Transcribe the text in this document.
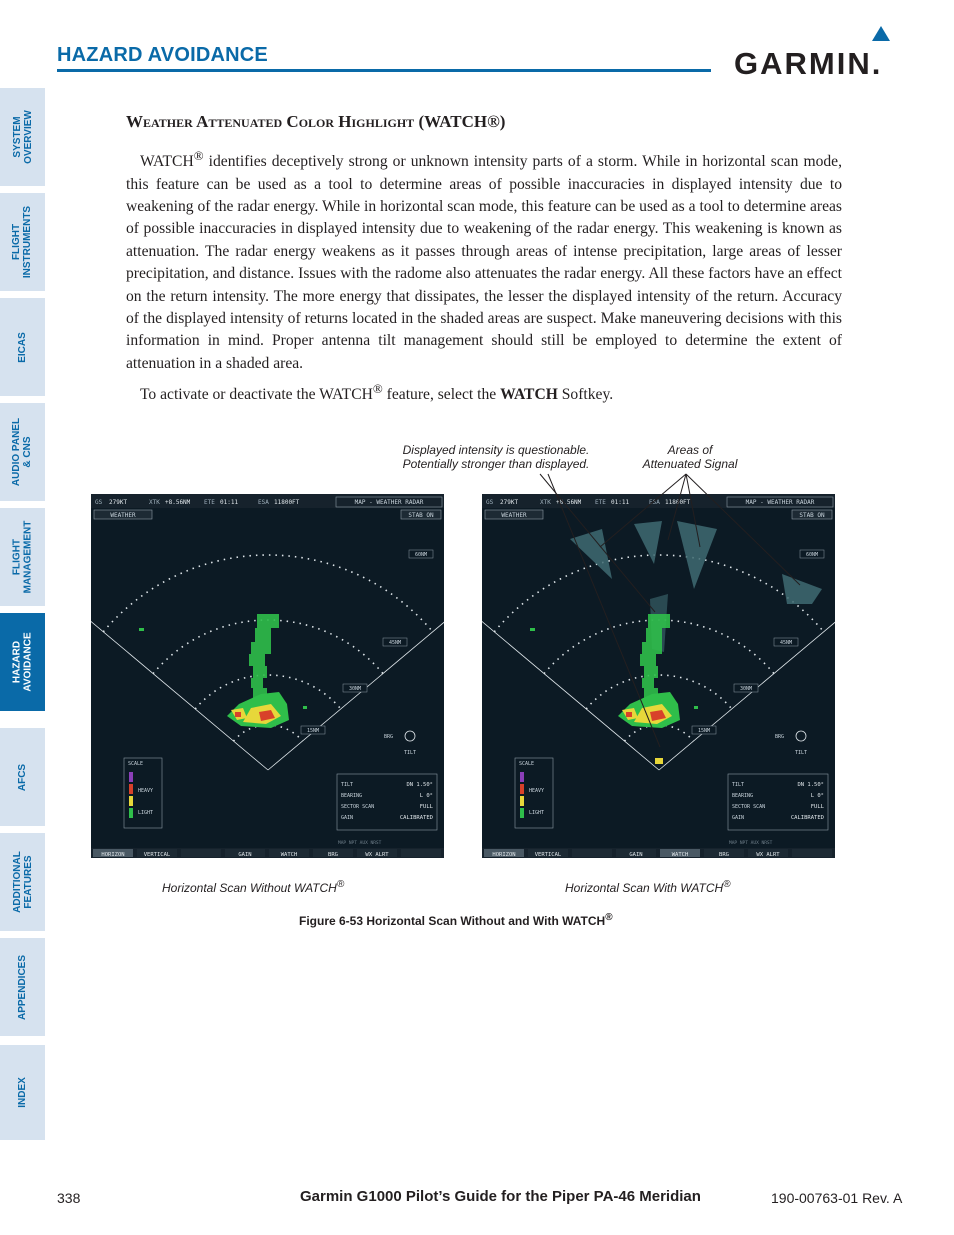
HAZARD AVOIDANCE	GARMIN.
SYSTEM
OVERVIEW
FLIGHT
INSTRUMENTS
EICAS
AUDIO PANEL
& CNS
FLIGHT
MANAGEMENT
HAZARD
AVOIDANCE
AFCS
ADDITIONAL
FEATURES
APPENDICES
INDEX
Weather Attenuated Color Highlight (WATCH®)

WATCH® identifies deceptively strong or unknown intensity parts of a storm. While in horizontal scan mode, this feature can be used as a tool to determine areas of possible inaccuracies in displayed intensity due to weakening of the radar energy. While in horizontal scan mode, this feature can be used as a tool to determine areas of possible inaccuracies in displayed intensity due to weakening of the radar energy. This weakening is known as attenuation. The radar energy weakens as it passes through areas of intense precipitation, large areas of lesser precipitation, and distance. Issues with the radome also attenuates the radar energy. All these factors have an effect on the return intensity. The more energy that dissipates, the lesser the displayed intensity of the return. Accuracy of the displayed intensity of returns located in the shaded areas are suspect. Make maneuvering decisions with this information in mind. Proper antenna tilt management should still be employed to determine the extent of attenuation in a shaded area.

To activate or deactivate the WATCH® feature, select the WATCH Softkey.

Displayed intensity is questionable.
Potentially stronger than displayed.
Areas of
Attenuated Signal
GS 279KT	XTK +8.56NM ETE 01:11	ESA 11800FT	MAP - WEATHER RADAR
WEATHER	STAB ON
60NM
45NM
30NM
15NM
BRG
TILT
SCALE
HEAVY
LIGHT
TILT	DN 1.50°
BEARING	L 0°
SECTOR SCAN	FULL
GAIN	CALIBRATED
MAP NPT AUX NRST
HORIZON	VERTICAL	GAIN	WATCH	BRG	WX ALRT
GS 279KT	XTK +8.56NM ETE 01:11	ESA 11800FT	MAP - WEATHER RADAR
WEATHER	STAB ON
60NM
45NM
30NM
15NM
BRG
TILT
SCALE
HEAVY
LIGHT
TILT	DN 1.50°
BEARING	L 0°
SECTOR SCAN	FULL
GAIN	CALIBRATED
MAP NPT AUX NRST
HORIZON	VERTICAL	GAIN	WATCH	BRG	WX ALRT
Horizontal Scan Without WATCH®	Horizontal Scan With WATCH®
Figure 6-53 Horizontal Scan Without and With WATCH®
338	Garmin G1000 Pilot’s Guide for the Piper PA-46 Meridian	190-00763-01 Rev. A
